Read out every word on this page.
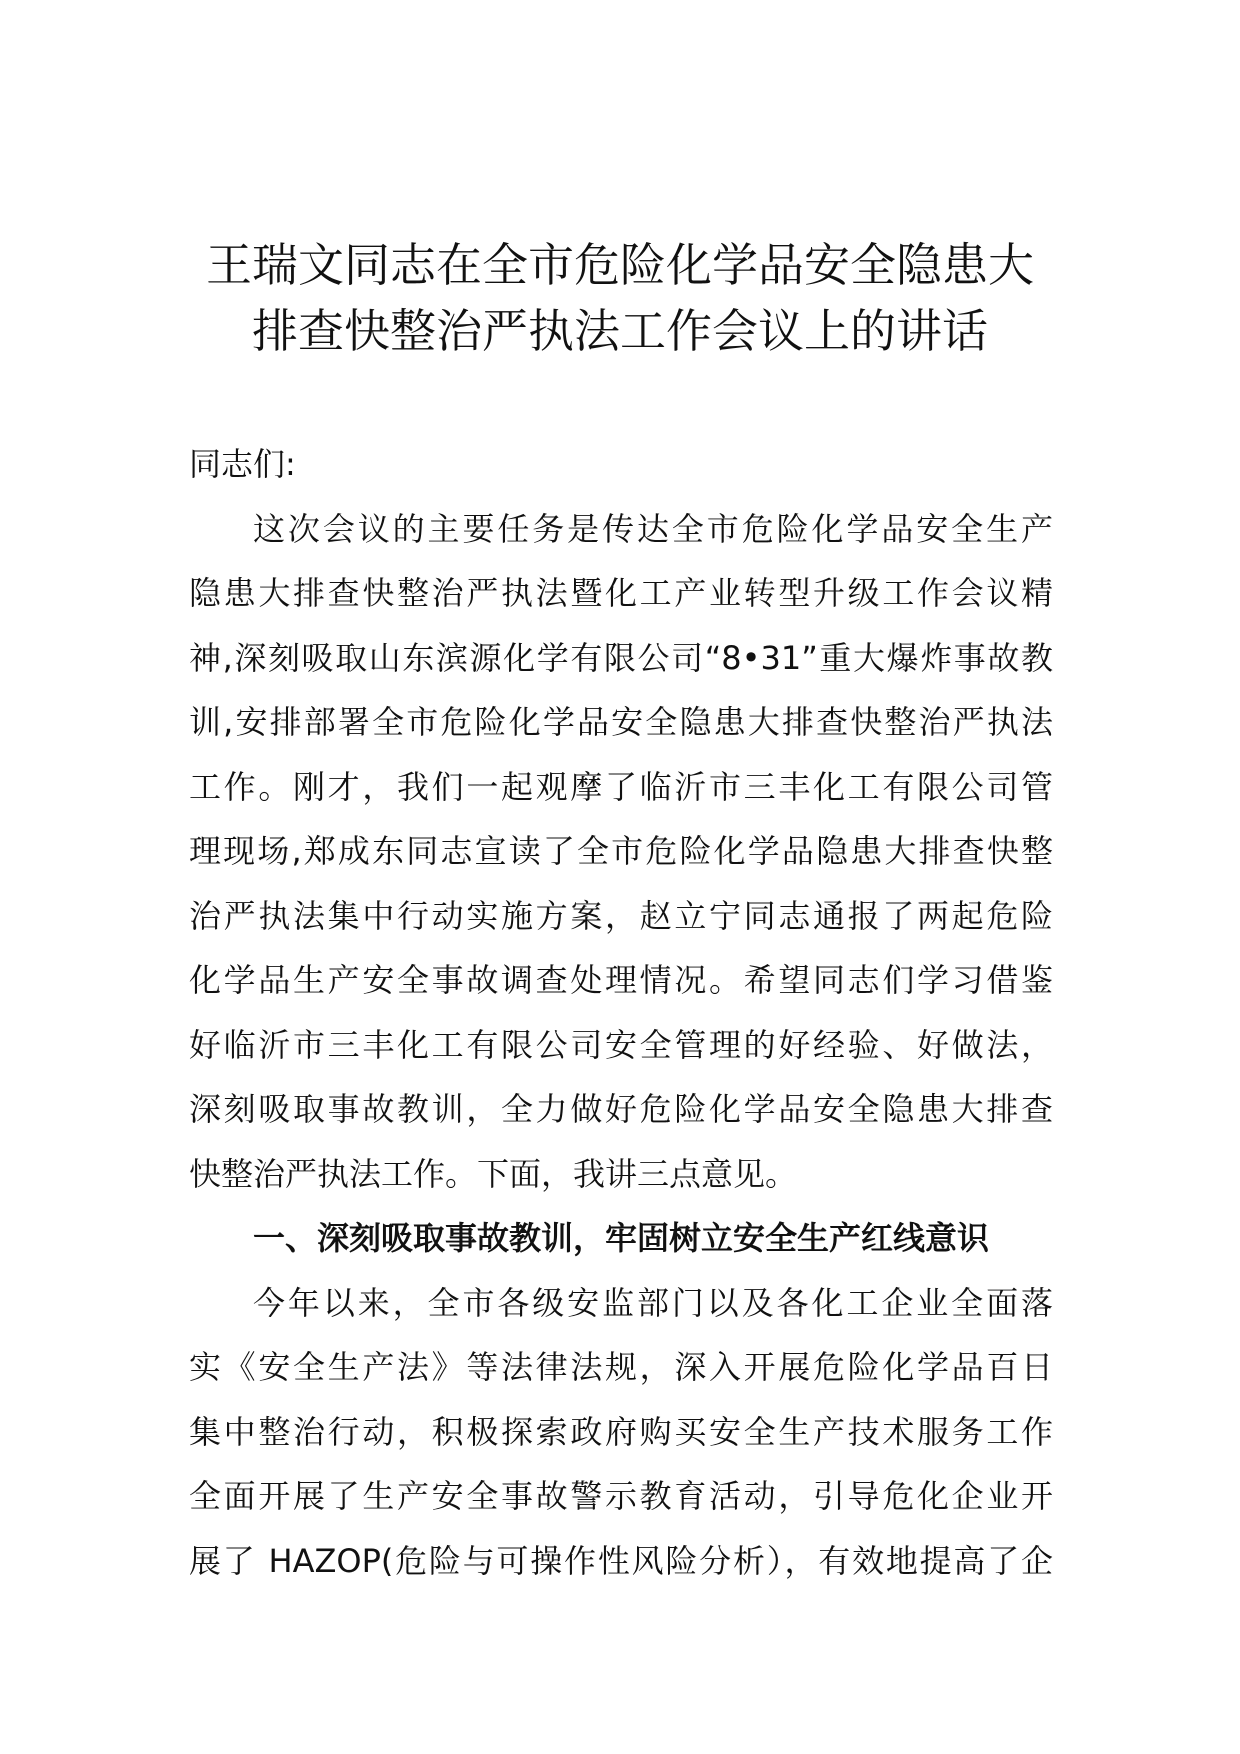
王瑞文同志在全市危险化学品安全隐患大
排查快整治严执法工作会议上的讲话
同志们:
这次会议的主要任务是传达全市危险化学品安全生产
隐患大排查快整治严执法暨化工产业转型升级工作会议精
神,深刻吸取山东滨源化学有限公司“8•31”重大爆炸事故教
训,安排部署全市危险化学品安全隐患大排查快整治严执法
工作。刚才，我们一起观摩了临沂市三丰化工有限公司管
理现场,郑成东同志宣读了全市危险化学品隐患大排查快整
治严执法集中行动实施方案，赵立宁同志通报了两起危险
化学品生产安全事故调查处理情况。希望同志们学习借鉴
好临沂市三丰化工有限公司安全管理的好经验、好做法，
深刻吸取事故教训，全力做好危险化学品安全隐患大排查
快整治严执法工作。下面，我讲三点意见。
一、深刻吸取事故教训，牢固树立安全生产红线意识
今年以来，全市各级安监部门以及各化工企业全面落
实《安全生产法》等法律法规，深入开展危险化学品百日
集中整治行动，积极探索政府购买安全生产技术服务工作
全面开展了生产安全事故警示教育活动，引导危化企业开
展了 HAZOP(危险与可操作性风险分析），有效地提高了企
